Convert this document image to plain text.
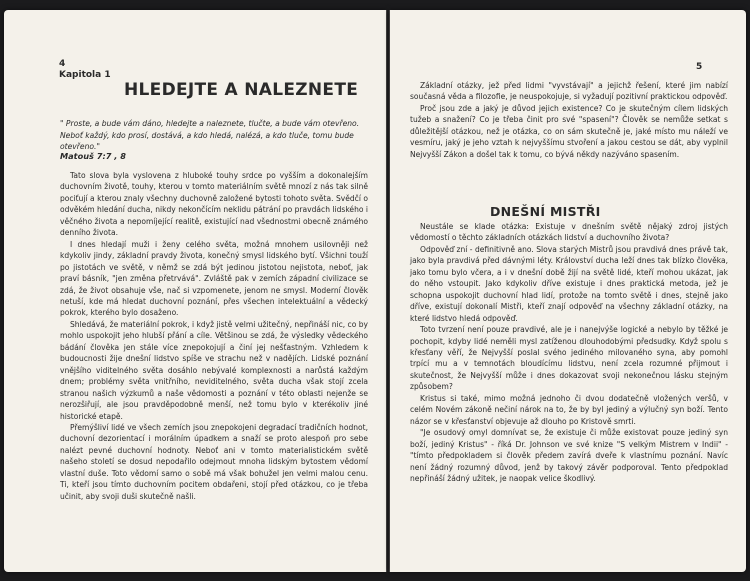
4
Kapitola 1
HLEDEJTE A NALEZNETE
" Proste, a bude vám dáno, hledejte a naleznete, tlučte, a bude vám otevřeno. Neboť každý, kdo prosí, dostává, a kdo hledá, nalézá, a kdo tluče, tomu bude otevřeno."
Matouš 7:7 , 8

Tato slova byla vyslovena z hluboké touhy srdce po vyšším a dokonalejším duchovním životě, touhy, kterou v tomto materiálním světě mnozí z nás tak silně pociťují a kterou znaly všechny duchovně založené bytosti tohoto světa. Svědčí o odvěkém hledání ducha, nikdy nekončícím neklidu pátrání po pravdách lidského i věčného života a nepomíjející realitě, existující nad všednostmi obecně známého denního života.

I dnes hledají muži i ženy celého světa, možná mnohem usilovněji než kdykoliv jindy, základní pravdy života, konečný smysl lidského bytí. Všichni touží po jistotách ve světě, v němž se zdá být jedinou jistotou nejistota, neboť, jak praví básník, "jen změna přetrvává". Zvláště pak v zemích západní civilizace se zdá, že život obsahuje vše, nač si vzpomenete, jenom ne smysl. Moderní člověk netuší, kde má hledat duchovní poznání, přes všechen intelektuální a vědecký pokrok, kterého bylo dosaženo.

Shledává, že materiální pokrok, i když jistě velmi užitečný, nepřináší nic, co by mohlo uspokojit jeho hlubší přání a cíle. Většinou se zdá, že výsledky vědeckého bádání člověka jen stále více znepokojují a činí jej nešťastným. Vzhledem k budoucnosti žije dnešní lidstvo spíše ve strachu než v nadějích. Lidské poznání vnějšího viditelného světa dosáhlo nebývalé komplexnosti a narůstá každým dnem; problémy světa vnitřního, neviditelného, světa ducha však stojí zcela stranou našich výzkumů a naše vědomosti a poznání v této oblasti nejenže se nerozšiřují, ale jsou pravděpodobně menší, než tomu bylo v kterékoliv jiné historické etapě.

Přemýšliví lidé ve všech zemích jsou znepokojeni degradací tradičních hodnot, duchovní dezorientací i morálním úpadkem a snaží se proto alespoň pro sebe nalézt pevné duchovní hodnoty. Neboť ani v tomto materialistickém světě našeho století se dosud nepodařilo odejmout mnoha lidským bytostem vědomí vlastní duše. Toto vědomí samo o sobě má však bohužel jen velmi malou cenu. Ti, kteří jsou tímto duchovním pocitem obdařeni, stojí před otázkou, co je třeba učinit, aby svoji duši skutečně našli.

5

Základní otázky, jež před lidmi "vyvstávají" a jejichž řešení, které jim nabízí současná věda a filozofie, je neuspokojuje, si vyžadují pozitivní praktickou odpověď.

Proč jsou zde a jaký je důvod jejich existence? Co je skutečným cílem lidských tužeb a snažení? Co je třeba činit pro své "spasení"? Člověk se nemůže setkat s důležitější otázkou, než je otázka, co on sám skutečně je, jaké místo mu náleží ve vesmíru, jaký je jeho vztah k nejvyššímu stvoření a jakou cestou se dát, aby vyplnil Nejvyšší Zákon a došel tak k tomu, co bývá někdy nazýváno spasením.

DNEŠNÍ MISTŘI

Neustále se klade otázka: Existuje v dnešním světě nějaký zdroj jistých vědomostí o těchto základních otázkách lidství a duchovního života?

Odpověď zní - definitivně ano. Slova starých Mistrů jsou pravdivá dnes právě tak, jako byla pravdivá před dávnými léty. Království ducha leží dnes tak blízko člověka, jako tomu bylo včera, a i v dnešní době žijí na světě lidé, kteří mohou ukázat, jak do něho vstoupit. Jako kdykoliv dříve existuje i dnes praktická metoda, jež je schopna uspokojit duchovní hlad lidí, protože na tomto světě i dnes, stejně jako dříve, existují dokonalí Mistři, kteří znají odpověď na všechny základní otázky, na které lidstvo hledá odpověď.

Toto tvrzení není pouze pravdivé, ale je i nanejvýše logické a nebylo by těžké je pochopit, kdyby lidé neměli mysl zatíženou dlouhodobými předsudky. Když spolu s křesťany věří, že Nejvyšší poslal svého jediného milovaného syna, aby pomohl trpící mu a v temnotách bloudícímu lidstvu, není zcela rozumné přijmout i skutečnost, že Nejvyšší může i dnes dokazovat svoji nekonečnou lásku stejným způsobem?

Kristus si také, mimo možná jednoho či dvou dodatečně vložených veršů, v celém Novém zákoně nečiní nárok na to, že by byl jediný a výlučný syn boží. Tento názor se v křesťanství objevuje až dlouho po Kristově smrti.

"Je osudový omyl domnívat se, že existuje či může existovat pouze jediný syn boží, jediný Kristus" - říká Dr. Johnson ve své knize "S velkým Mistrem v Indii" - "tímto předpokladem si člověk předem zavírá dveře k vlastnímu poznání. Navíc není žádný rozumný důvod, jenž by takový závěr podporoval. Tento předpoklad nepřináší žádný užitek, je naopak velice škodlivý.
